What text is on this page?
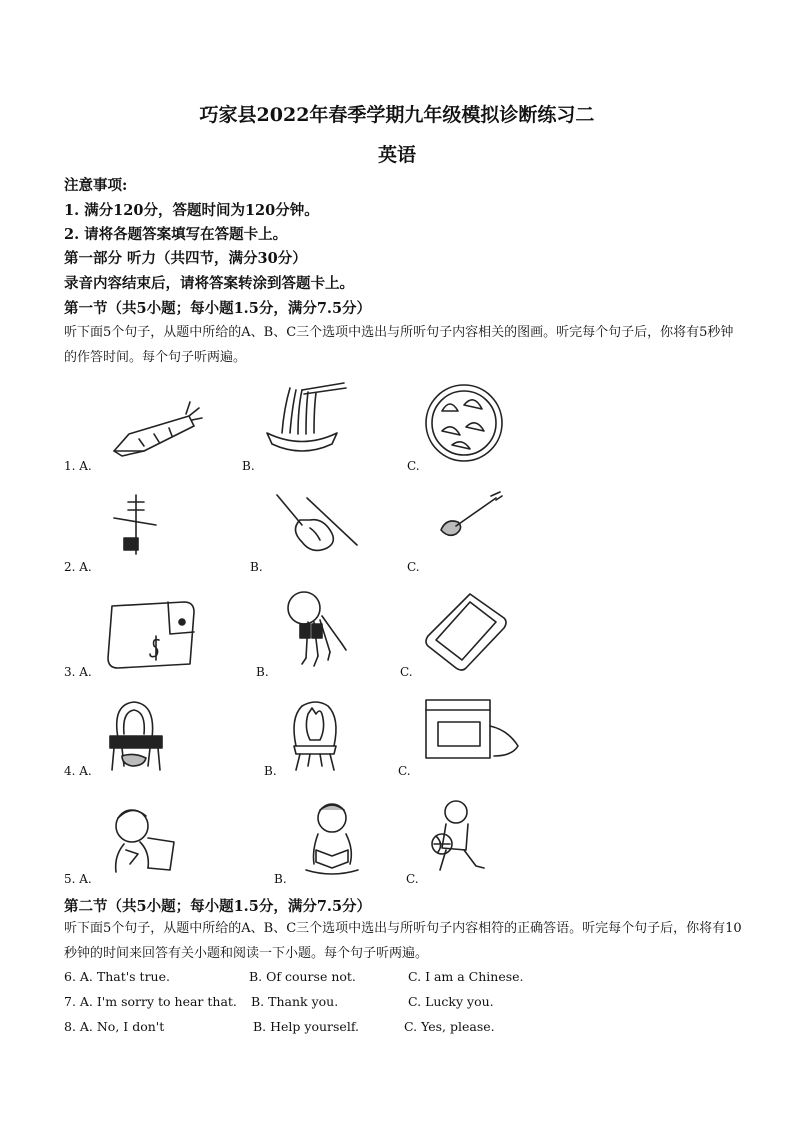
巧家县2022年春季学期九年级模拟诊断练习二
英语
注意事项:
1. 满分120分，答题时间为120分钟。
2. 请将各题答案填写在答题卡上。
第一部分 听力（共四节，满分30分）
录音内容结束后，请将答案转涂到答题卡上。
第一节（共5小题；每小题1.5分，满分7.5分）
听下面5个句子，从题中所给的A、B、C三个选项中选出与所听句子内容相关的图画。听完每个句子后，你将有5秒钟的作答时间。每个句子听两遍。
1. A.	B.	C.
2. A.	B.	C.
3. A.	B.	C.
4. A.	B.	C.
5. A.	B.	C.
第二节（共5小题；每小题1.5分，满分7.5分）
听下面5个句子，从题中所给的A、B、C三个选项中选出与所听句子内容相符的正确答语。听完每个句子后，你将有10秒钟的时间来回答有关小题和阅读一下小题。每个句子听两遍。
6. A. That's true.	B. Of course not.	C. I am a Chinese.
7. A. I'm sorry to hear that. B. Thank you.	C. Lucky you.
8. A. No, I don't	B. Help yourself.	C. Yes, please.
